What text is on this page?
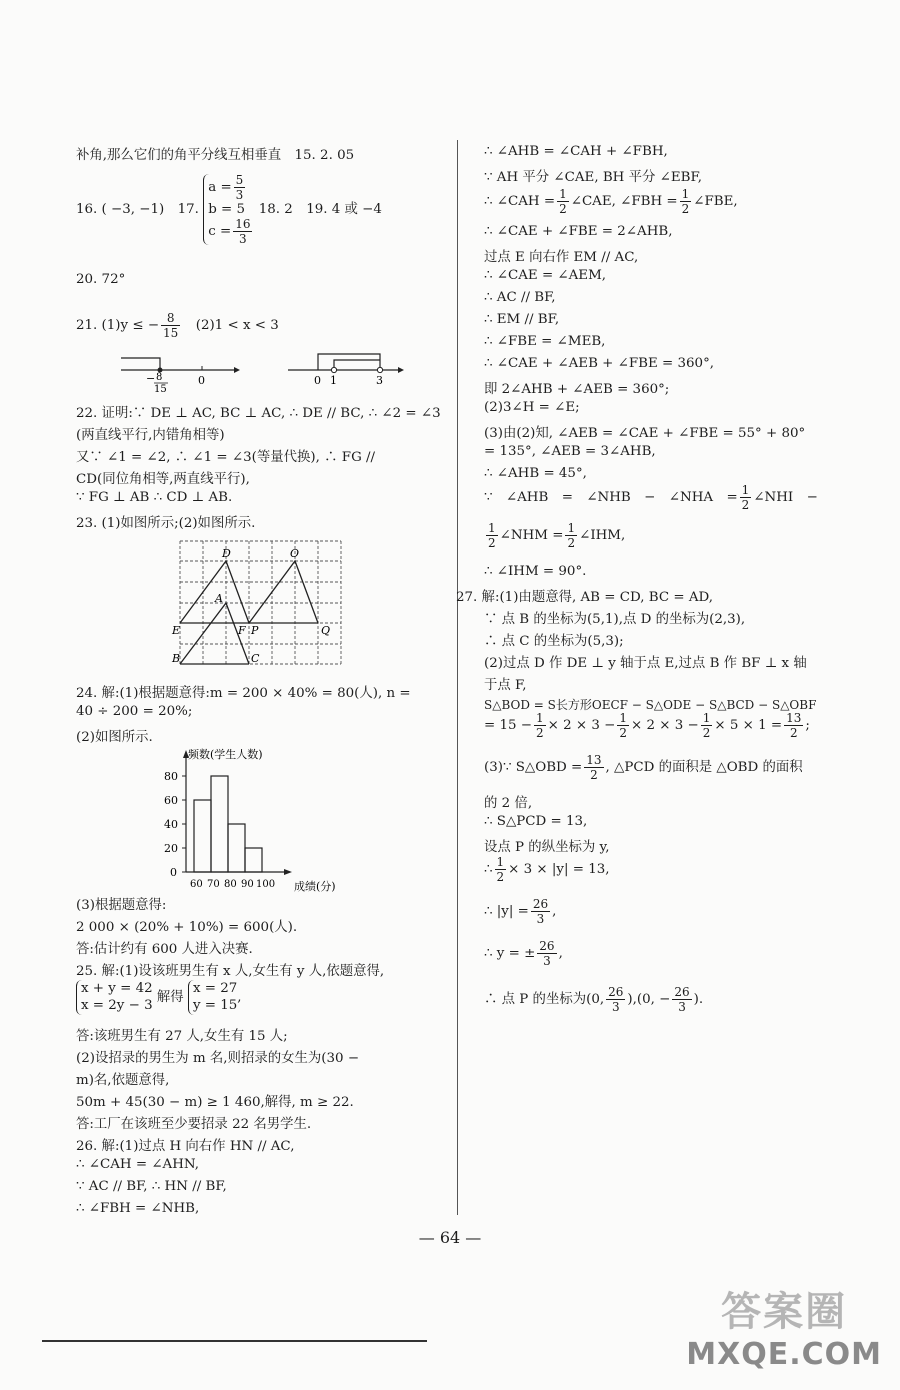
补角,那么它们的角平分线互相垂直　15. 2. 05
16. ( −3, −1)　17.
$a = \frac{5}{3}$
b = 5
$c = \frac{16}{3}$
18. 2　19. 4 或 −4
20. 72°
21. (1)y ≤ − $\frac{8}{15}$
　 (2)1 < x < 3
− 8
15
0	0 1	3
22. 证明:∵ DE ⊥ AC, BC ⊥ AC, ∴ DE // BC, ∴ ∠2 = ∠3
(两直线平行,内错角相等)
又∵ ∠1 = ∠2, ∴ ∠1 = ∠3(等量代换), ∴ FG //
CD(同位角相等,两直线平行),
∵ FG ⊥ AB ∴ CD ⊥ AB.
23. (1)如图所示;(2)如图所示.
D	O
A
E	F P	Q
B	C
24. 解:(1)根据题意得:m = 200 × 40% = 80(人), n =
40 ÷ 200 = 20%;
(2)如图所示.
频数(学生人数)
0
20
40
60
80
60 70 80 90 100 成绩(分)
(3)根据题意得:
2 000 × (20% + 10%) = 600(人).
答:估计约有 600 人进入决赛.
25. 解:(1)设该班男生有 x 人,女生有 y 人,依题意得,
x + y = 42
x = 2y − 3
解得
x = 27
y = 15
,
答:该班男生有 27 人,女生有 15 人;
(2)设招录的男生为 m 名,则招录的女生为(30 −
m)名,依题意得,
50m + 45(30 − m) ≥ 1 460,解得, m ≥ 22.
答:工厂在该班至少要招录 22 名男学生.
26. 解:(1)过点 H 向右作 HN // AC,
∴ ∠CAH = ∠AHN,
∵ AC // BF, ∴ HN // BF,
∴ ∠FBH = ∠NHB,
∴ ∠AHB = ∠CAH + ∠FBH,
∵ AH 平分 ∠CAE, BH 平分 ∠EBF,
∴ ∠CAH = $\frac{1}{2}$ ∠CAE, ∠FBH = $\frac{1}{2}$ ∠FBE,
∴ ∠CAE + ∠FBE = 2∠AHB,
过点 E 向右作 EM // AC,
∴ ∠CAE = ∠AEM,
∴ AC // BF,
∴ EM // BF,
∴ ∠FBE = ∠MEB,
∴ ∠CAE + ∠AEB + ∠FBE = 360°,
即 2∠AHB + ∠AEB = 360°;
(2)3∠H = ∠E;
(3)由(2)知, ∠AEB = ∠CAE + ∠FBE = 55° + 80°
= 135°, ∠AEB = 3∠AHB,
∴ ∠AHB = 45°,
∵　∠AHB　=　∠NHB　−　∠NHA　= $\frac{1}{2}$ ∠NHI　−
$\frac{1}{2}$ ∠NHM = $\frac{1}{2}$ ∠IHM,
∴ ∠IHM = 90°.
27. 解:(1)由题意得, AB = CD, BC = AD,
∵ 点 B 的坐标为(5,1),点 D 的坐标为(2,3),
∴ 点 C 的坐标为(5,3);
(2)过点 D 作 DE ⊥ y 轴于点 E,过点 B 作 BF ⊥ x 轴
于点 F,
S△BOD = S长方形OECF − S△ODE − S△BCD − S△OBF
= $15 - \frac{1}{2} \times 2 \times 3 - \frac{1}{2} \times 2 \times 3 - \frac{1}{2} \times 5 \times 1 = \frac{13}{2}$ ;
(3)∵ S△OBD = $\frac{13}{2}$ , △PCD 的面积是 △OBD 的面积
的 2 倍,
∴ S△PCD = 13,
设点 P 的纵坐标为 y,
∴ $\frac{1}{2} \times 3 \times |y| = 13$,
∴ $|y| = \frac{26}{3}$ ,
∴ y = ± $\frac{26}{3}$ ,
∴ 点 P 的坐标为(0, $\frac{26}{3} ),(0$, − $\frac{26}{3}$ ).
— 64 —
答案圈
MXQE.COM
